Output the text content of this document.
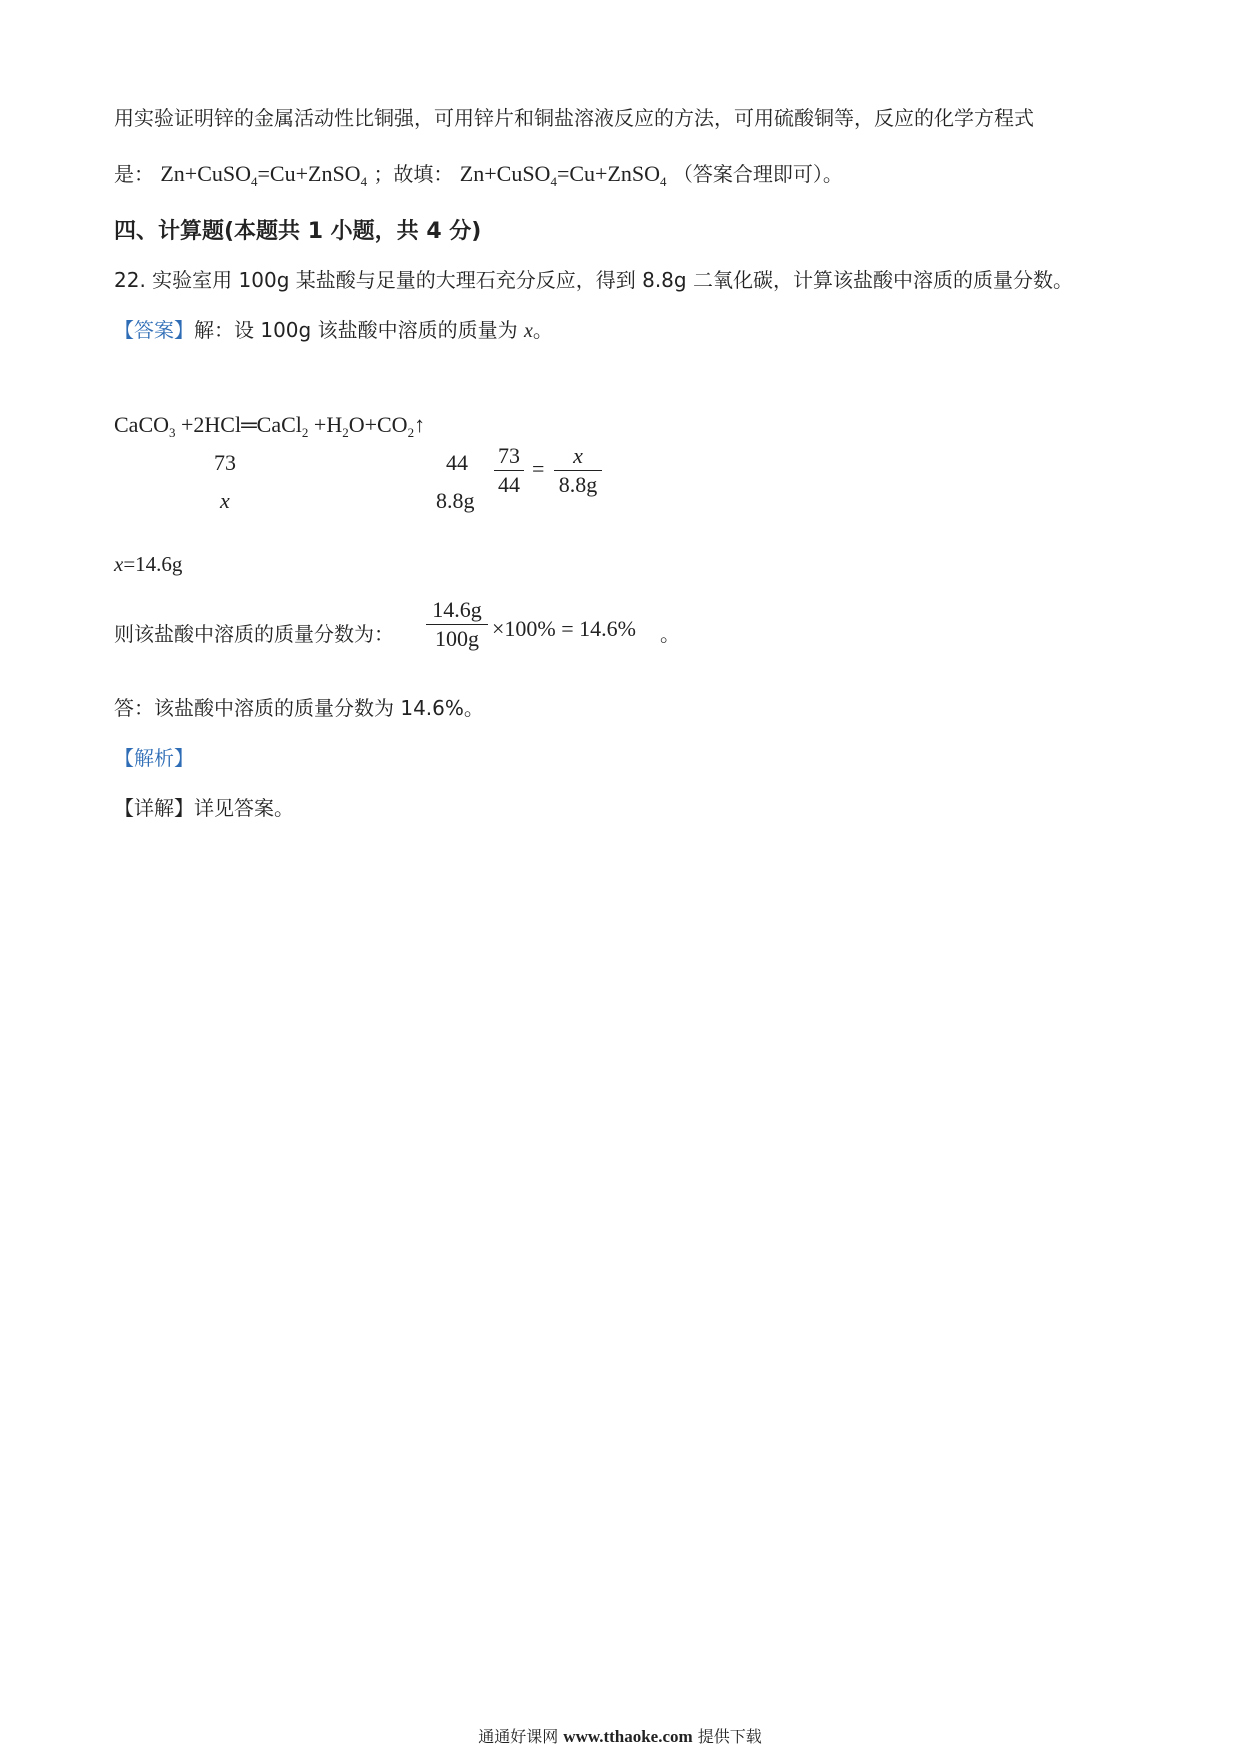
用实验证明锌的金属活动性比铜强，可用锌片和铜盐溶液反应的方法，可用硫酸铜等，反应的化学方程式
是： Zn+CuSO$_4$=Cu+ZnSO$_4$ ；故填： Zn+CuSO$_4$=Cu+ZnSO$_4$ （答案合理即可）。
四、计算题(本题共 1 小题，共 4 分)
22. 实验室用 100g 某盐酸与足量的大理石充分反应，得到 8.8g 二氧化碳，计算该盐酸中溶质的质量分数。
【答案】解：设 100g 该盐酸中溶质的质量为 x。
CaCO$_3$ +2HCl═CaCl$_2$ $+H_2O+CO_2↑$
73	44
x	8.8g
73
44
=
x
8.8g
x=14.6g
则该盐酸中溶质的质量分数为：
14.6g
100g ×100% = 14.6% 。
答：该盐酸中溶质的质量分数为 14.6%。
【解析】
【详解】详见答案。
通通好课网 www.tthaoke.com 提供下载
